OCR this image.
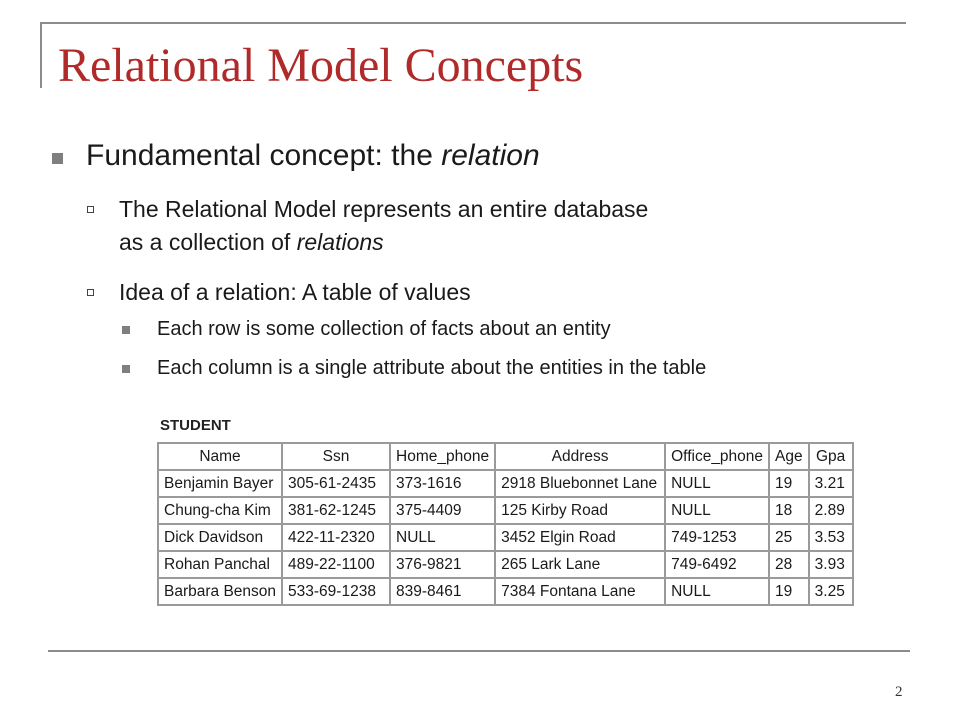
Relational Model Concepts
Fundamental concept: the relation
The Relational Model represents an entire database
as a collection of relations
Idea of a relation: A table of values
Each row is some collection of facts about an entity
Each column is a single attribute about the entities in the table
STUDENT
Name	Ssn	Home_phone	Address	Office_phone	Age	Gpa
Benjamin Bayer	305-61-2435	373-1616	2918 Bluebonnet Lane	NULL	19	3.21
Chung-cha Kim	381-62-1245	375-4409	125 Kirby Road	NULL	18	2.89
Dick Davidson	422-11-2320	NULL	3452 Elgin Road	749-1253	25	3.53
Rohan Panchal	489-22-1100	376-9821	265 Lark Lane	749-6492	28	3.93
Barbara Benson	533-69-1238	839-8461	7384 Fontana Lane	NULL	19	3.25
2
